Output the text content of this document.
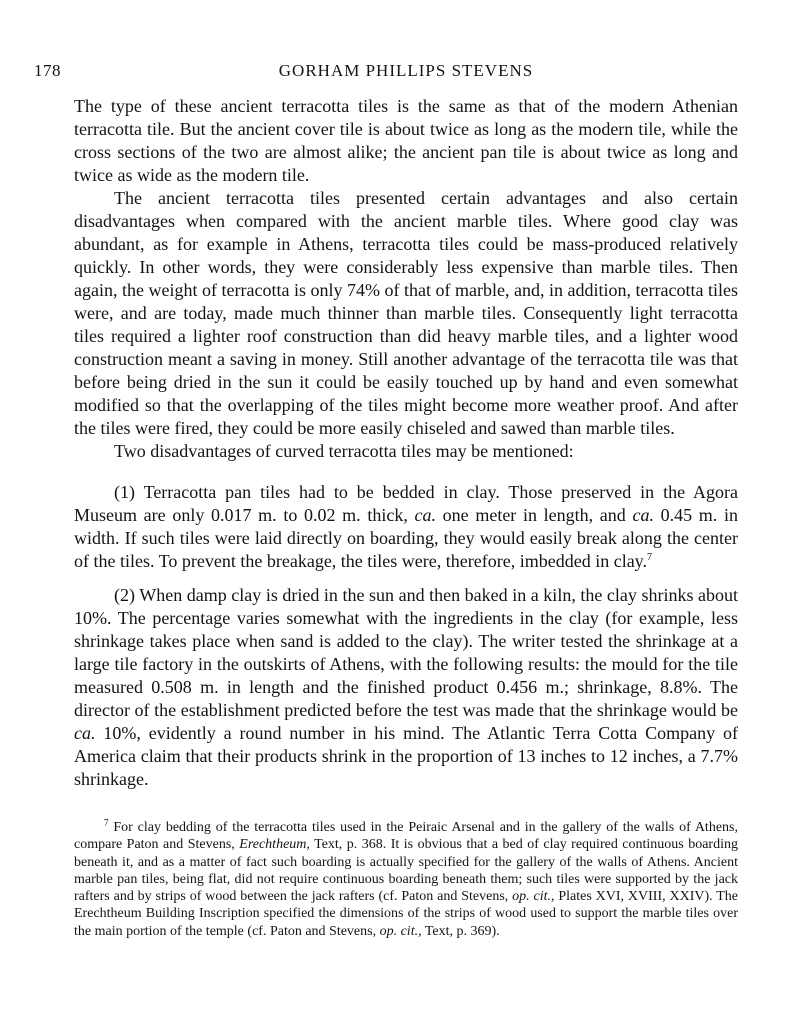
178	GORHAM PHILLIPS STEVENS

The type of these ancient terracotta tiles is the same as that of the modern Athenian terracotta tile. But the ancient cover tile is about twice as long as the modern tile, while the cross sections of the two are almost alike; the ancient pan tile is about twice as long and twice as wide as the modern tile.

The ancient terracotta tiles presented certain advantages and also certain disadvantages when compared with the ancient marble tiles. Where good clay was abundant, as for example in Athens, terracotta tiles could be mass-produced relatively quickly. In other words, they were considerably less expensive than marble tiles. Then again, the weight of terracotta is only 74% of that of marble, and, in addition, terracotta tiles were, and are today, made much thinner than marble tiles. Consequently light terracotta tiles required a lighter roof construction than did heavy marble tiles, and a lighter wood construction meant a saving in money. Still another advantage of the terracotta tile was that before being dried in the sun it could be easily touched up by hand and even somewhat modified so that the overlapping of the tiles might become more weather proof. And after the tiles were fired, they could be more easily chiseled and sawed than marble tiles.

Two disadvantages of curved terracotta tiles may be mentioned:

(1) Terracotta pan tiles had to be bedded in clay. Those preserved in the Agora Museum are only 0.017 m. to 0.02 m. thick, ca. one meter in length, and ca. 0.45 m. in width. If such tiles were laid directly on boarding, they would easily break along the center of the tiles. To prevent the breakage, the tiles were, therefore, imbedded in clay.$^7$

(2) When damp clay is dried in the sun and then baked in a kiln, the clay shrinks about 10%. The percentage varies somewhat with the ingredients in the clay (for example, less shrinkage takes place when sand is added to the clay). The writer tested the shrinkage at a large tile factory in the outskirts of Athens, with the following results: the mould for the tile measured 0.508 m. in length and the finished product 0.456 m.; shrinkage, 8.8%. The director of the establishment predicted before the test was made that the shrinkage would be ca. 10%, evidently a round number in his mind. The Atlantic Terra Cotta Company of America claim that their products shrink in the proportion of 13 inches to 12 inches, a 7.7% shrinkage.

$^7$ For clay bedding of the terracotta tiles used in the Peiraic Arsenal and in the gallery of the walls of Athens, compare Paton and Stevens, Erechtheum, Text, p. 368. It is obvious that a bed of clay required continuous boarding beneath it, and as a matter of fact such boarding is actually specified for the gallery of the walls of Athens. Ancient marble pan tiles, being flat, did not require continuous boarding beneath them; such tiles were supported by the jack rafters and by strips of wood between the jack rafters (cf. Paton and Stevens, op. cit., Plates XVI, XVIII, XXIV). The Erechtheum Building Inscription specified the dimensions of the strips of wood used to support the marble tiles over the main portion of the temple (cf. Paton and Stevens, op. cit., Text, p. 369).
